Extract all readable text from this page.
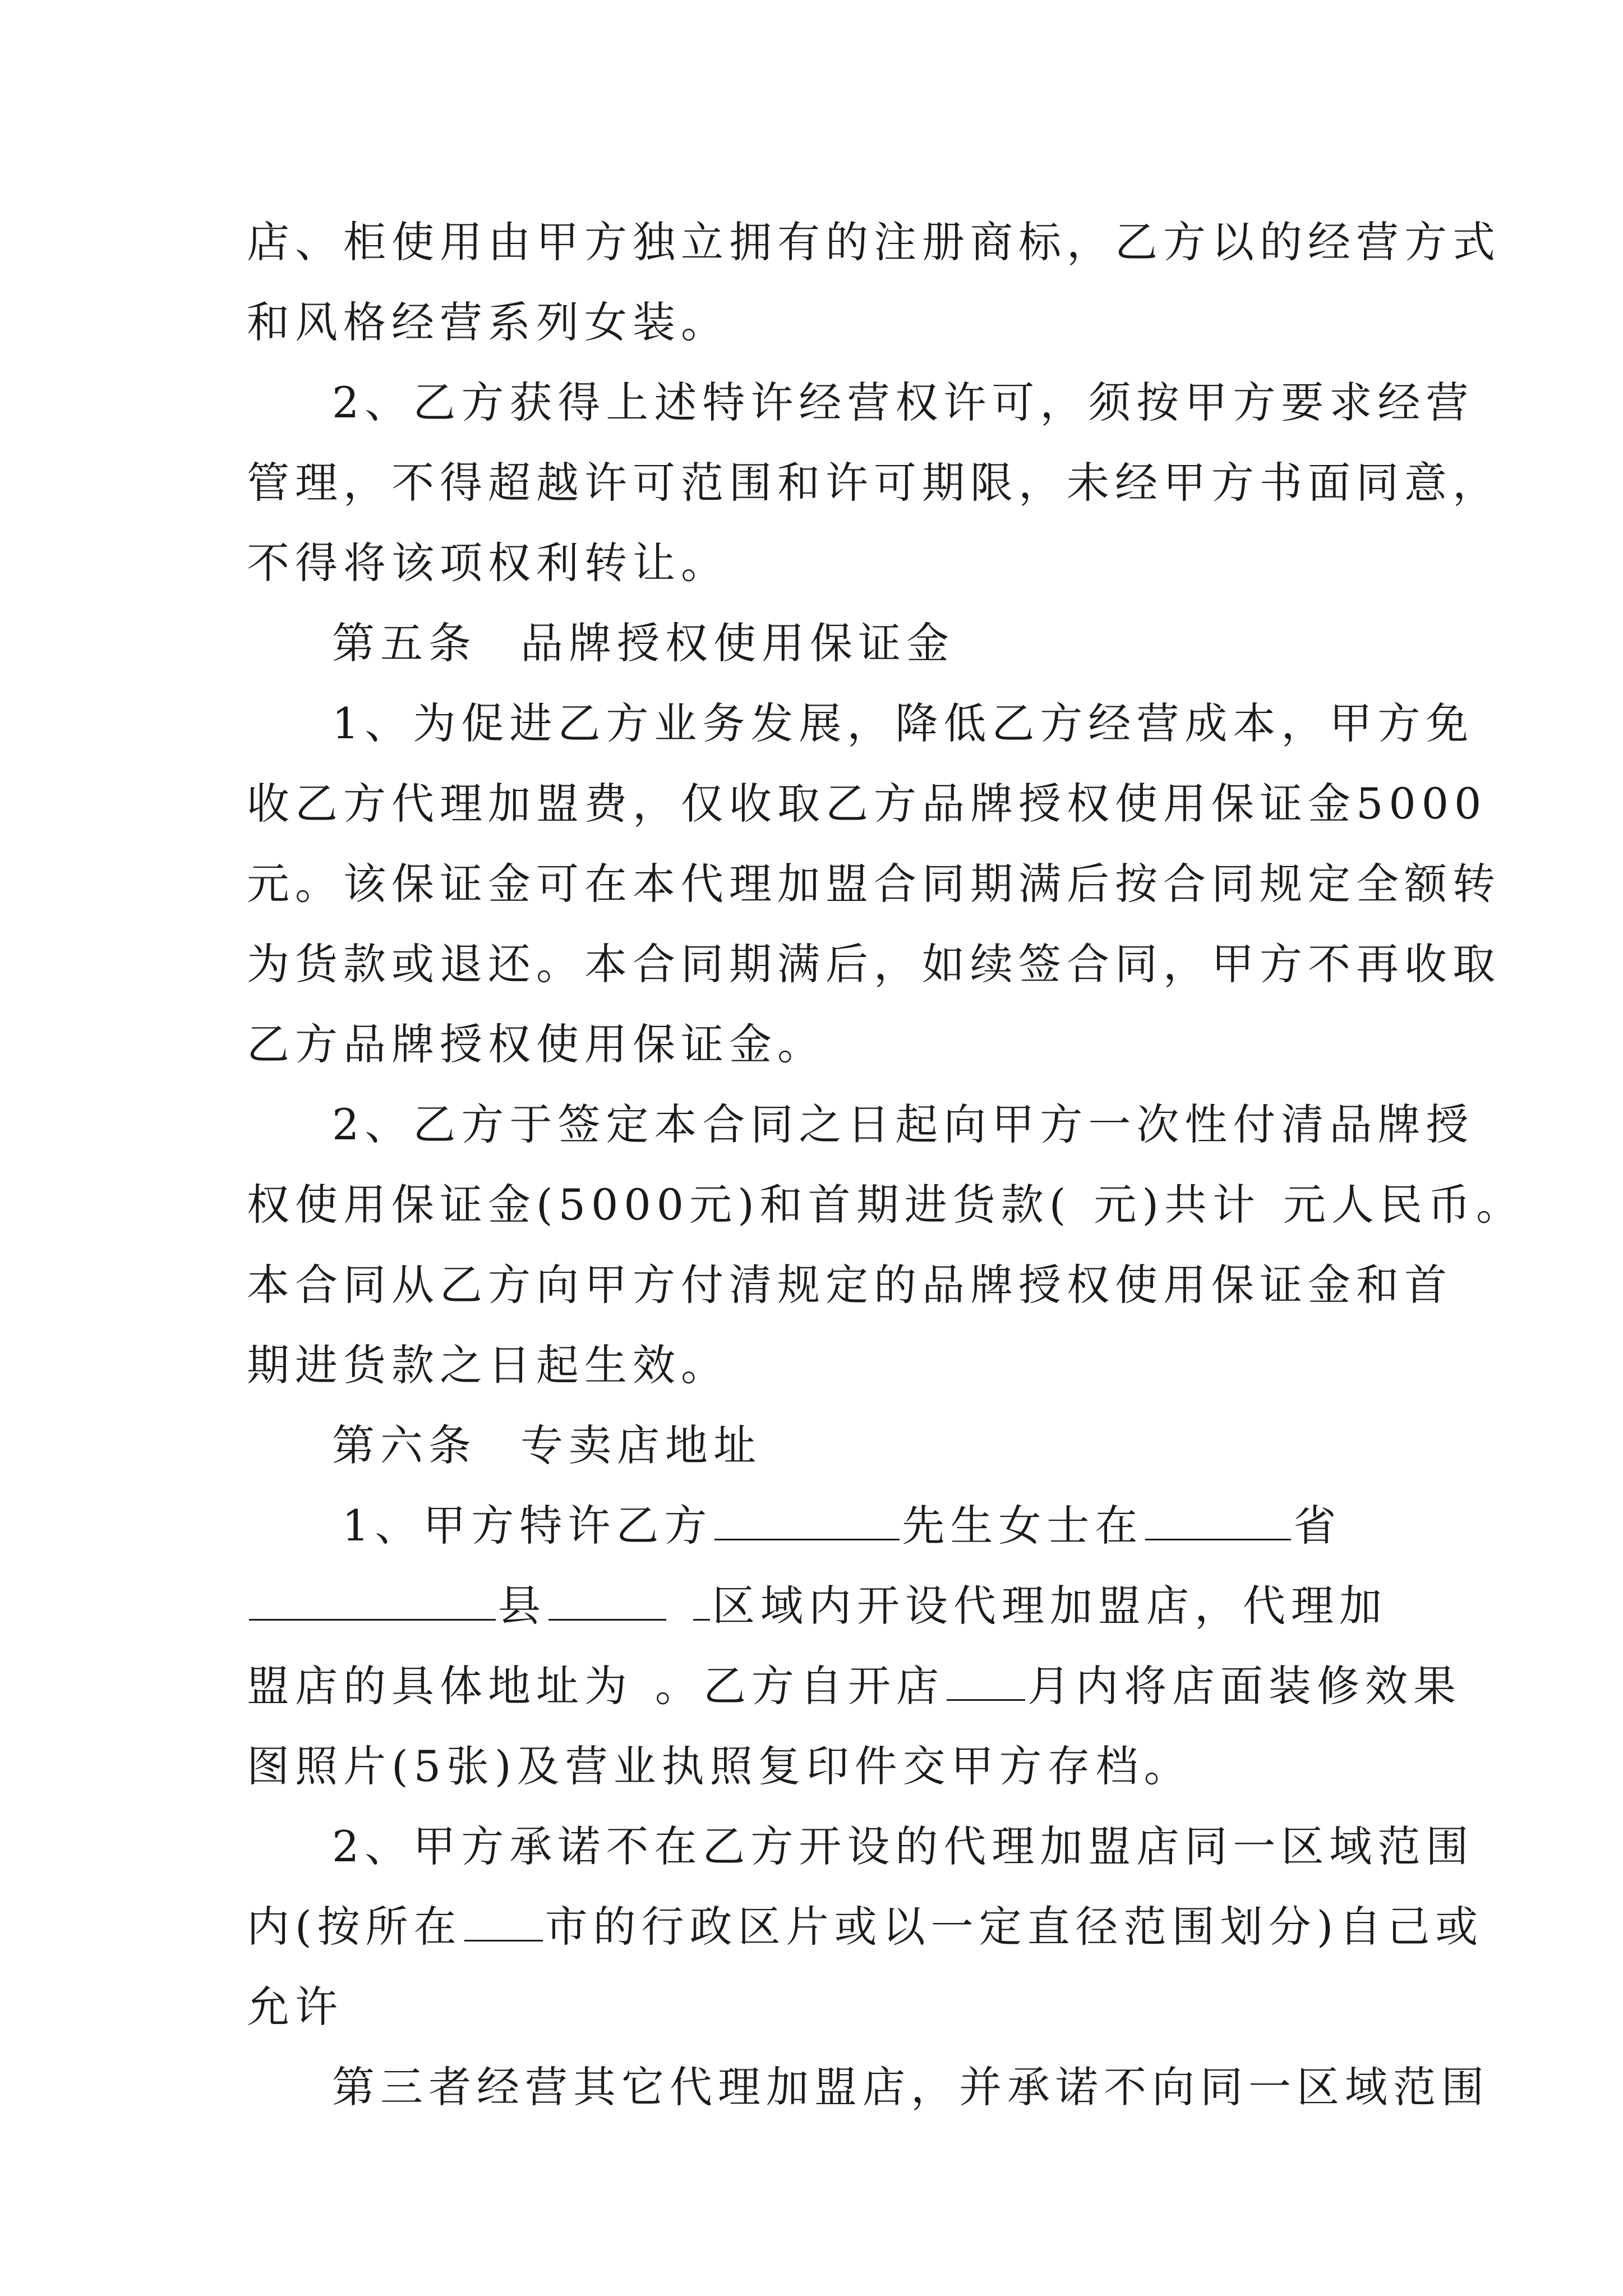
店、柜使用由甲方独立拥有的注册商标，乙方以的经营方式
和风格经营系列女装。
2、乙方获得上述特许经营权许可，须按甲方要求经营
管理，不得超越许可范围和许可期限，未经甲方书面同意，
不得将该项权利转让。
第五条 品牌授权使用保证金
1、为促进乙方业务发展，降低乙方经营成本，甲方免
收乙方代理加盟费，仅收取乙方品牌授权使用保证金5000
元。该保证金可在本代理加盟合同期满后按合同规定全额转
为货款或退还。本合同期满后，如续签合同，甲方不再收取
乙方品牌授权使用保证金。
2、乙方于签定本合同之日起向甲方一次性付清品牌授
权使用保证金(5000元)和首期进货款( 元)共计 元人民币。
本合同从乙方向甲方付清规定的品牌授权使用保证金和首
期进货款之日起生效。
第六条 专卖店地址
1、甲方特许乙方	先生女士在	省
县	区域内开设代理加盟店，代理加
盟店的具体地址为 。乙方自开店 月内将店面装修效果
图照片(5张)及营业执照复印件交甲方存档。
2、甲方承诺不在乙方开设的代理加盟店同一区域范围
内(按所在 市的行政区片或以一定直径范围划分)自己或
允许
第三者经营其它代理加盟店，并承诺不向同一区域范围
